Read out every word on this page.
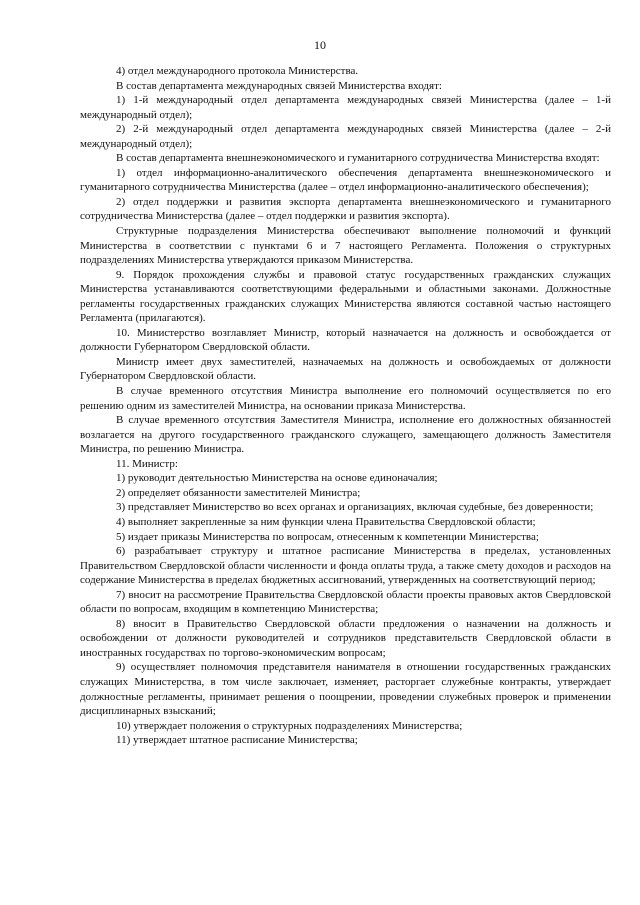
10

4) отдел международного протокола Министерства.

В состав департамента международных связей Министерства входят:

1) 1-й международный отдел департамента международных связей Министерства (далее – 1-й международный отдел);

2) 2-й международный отдел департамента международных связей Министерства (далее – 2-й международный отдел);

В состав департамента внешнеэкономического и гуманитарного сотрудничества Министерства входят:

1) отдел информационно-аналитического обеспечения департамента внешнеэкономического и гуманитарного сотрудничества Министерства (далее – отдел информационно-аналитического обеспечения);

2) отдел поддержки и развития экспорта департамента внешнеэкономического и гуманитарного сотрудничества Министерства (далее – отдел поддержки и развития экспорта).

Структурные подразделения Министерства обеспечивают выполнение полномочий и функций Министерства в соответствии с пунктами 6 и 7 настоящего Регламента. Положения о структурных подразделениях Министерства утверждаются приказом Министерства.

9. Порядок прохождения службы и правовой статус государственных гражданских служащих Министерства устанавливаются соответствующими федеральными и областными законами. Должностные регламенты государственных гражданских служащих Министерства являются составной частью настоящего Регламента (прилагаются).

10. Министерство возглавляет Министр, который назначается на должность и освобождается от должности Губернатором Свердловской области.

Министр имеет двух заместителей, назначаемых на должность и освобождаемых от должности Губернатором Свердловской области.

В случае временного отсутствия Министра выполнение его полномочий осуществляется по его решению одним из заместителей Министра, на основании приказа Министерства.

В случае временного отсутствия Заместителя Министра, исполнение его должностных обязанностей возлагается на другого государственного гражданского служащего, замещающего должность Заместителя Министра, по решению Министра.

11. Министр:

1) руководит деятельностью Министерства на основе единоначалия;

2) определяет обязанности заместителей Министра;

3) представляет Министерство во всех органах и организациях, включая судебные, без доверенности;

4) выполняет закрепленные за ним функции члена Правительства Свердловской области;

5) издает приказы Министерства по вопросам, отнесенным к компетенции Министерства;

6) разрабатывает структуру и штатное расписание Министерства в пределах, установленных Правительством Свердловской области численности и фонда оплаты труда, а также смету доходов и расходов на содержание Министерства в пределах бюджетных ассигнований, утвержденных на соответствующий период;

7) вносит на рассмотрение Правительства Свердловской области проекты правовых актов Свердловской области по вопросам, входящим в компетенцию Министерства;

8) вносит в Правительство Свердловской области предложения о назначении на должность и освобождении от должности руководителей и сотрудников представительств Свердловской области в иностранных государствах по торгово-экономическим вопросам;

9) осуществляет полномочия представителя нанимателя в отношении государственных гражданских служащих Министерства, в том числе заключает, изменяет, расторгает служебные контракты, утверждает должностные регламенты, принимает решения о поощрении, проведении служебных проверок и применении дисциплинарных взысканий;

10) утверждает положения о структурных подразделениях Министерства;

11) утверждает штатное расписание Министерства;
